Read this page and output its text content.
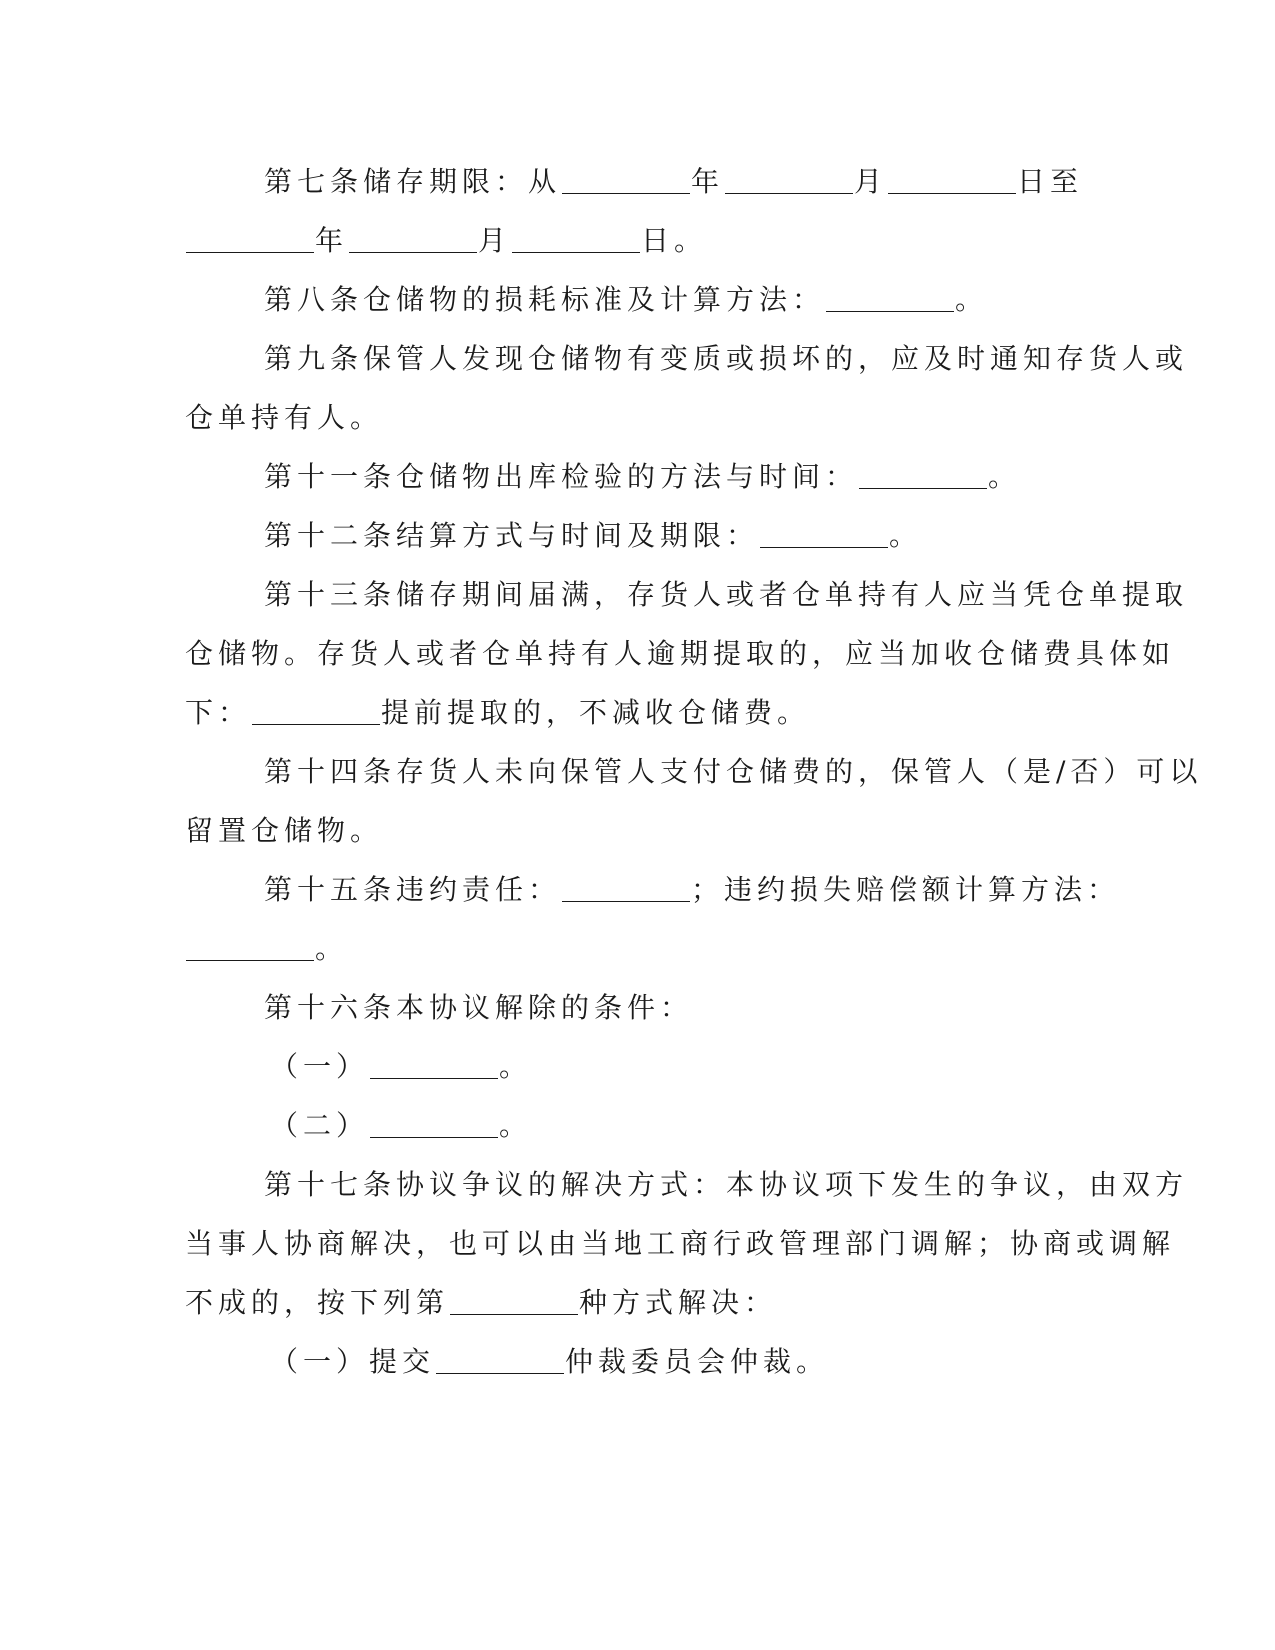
第七条储存期限：从	年	月	日至
年	月	日。
第八条仓储物的损耗标准及计算方法：	。
第九条保管人发现仓储物有变质或损坏的，应及时通知存货人或
仓单持有人。
第十一条仓储物出库检验的方法与时间：	。
第十二条结算方式与时间及期限：	。
第十三条储存期间届满，存货人或者仓单持有人应当凭仓单提取
仓储物。存货人或者仓单持有人逾期提取的，应当加收仓储费具体如
下：	提前提取的，不减收仓储费。
第十四条存货人未向保管人支付仓储费的，保管人（是/否）可以
留置仓储物。
第十五条违约责任：	；违约损失赔偿额计算方法：
。
第十六条本协议解除的条件：
（一）	。
（二）	。
第十七条协议争议的解决方式：本协议项下发生的争议，由双方
当事人协商解决，也可以由当地工商行政管理部门调解；协商或调解
不成的，按下列第	种方式解决：
（一）提交	仲裁委员会仲裁。
